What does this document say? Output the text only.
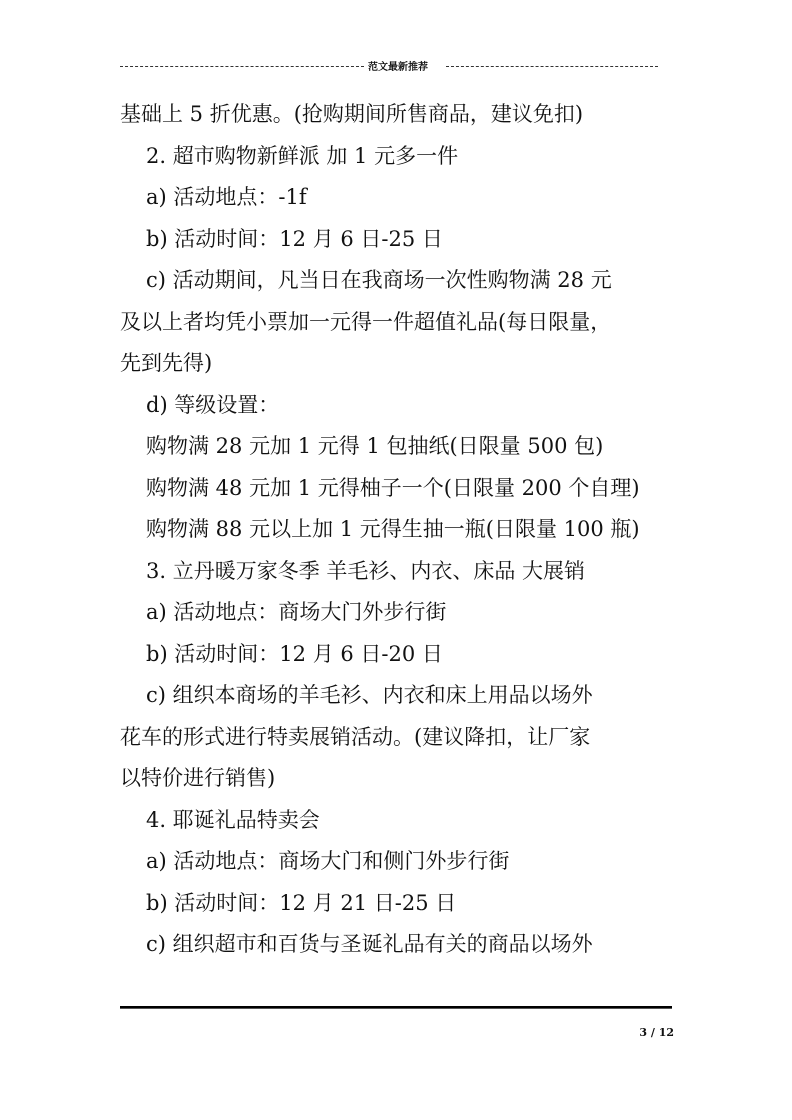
范文最新推荐
基础上 5 折优惠。(抢购期间所售商品，建议免扣)
2. 超市购物新鲜派 加 1 元多一件
a) 活动地点：-1f
b) 活动时间：12 月 6 日-25 日
c) 活动期间，凡当日在我商场一次性购物满 28 元
及以上者均凭小票加一元得一件超值礼品(每日限量，
先到先得)
d) 等级设置：
购物满 28 元加 1 元得 1 包抽纸(日限量 500 包)
购物满 48 元加 1 元得柚子一个(日限量 200 个自理)
购物满 88 元以上加 1 元得生抽一瓶(日限量 100 瓶)
3. 立丹暖万家冬季 羊毛衫、内衣、床品 大展销
a) 活动地点：商场大门外步行街
b) 活动时间：12 月 6 日-20 日
c) 组织本商场的羊毛衫、内衣和床上用品以场外
花车的形式进行特卖展销活动。(建议降扣，让厂家
以特价进行销售)
4. 耶诞礼品特卖会
a) 活动地点：商场大门和侧门外步行街
b) 活动时间：12 月 21 日-25 日
c) 组织超市和百货与圣诞礼品有关的商品以场外
3 / 12
